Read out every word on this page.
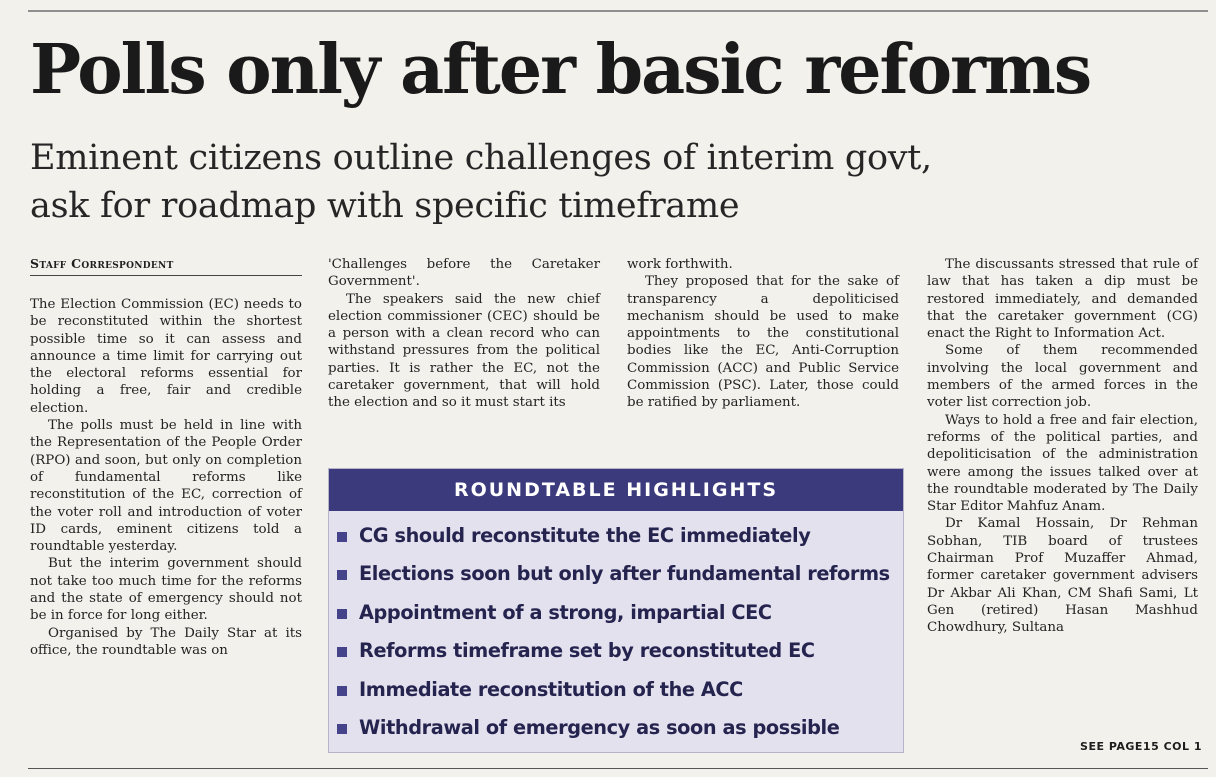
Polls only after basic reforms
Eminent citizens outline challenges of interim govt,
ask for roadmap with specific timeframe
Staff Correspondent

The Election Commission (EC) needs to be reconstituted within the shortest possible time so it can assess and announce a time limit for carrying out the electoral reforms essential for holding a free, fair and credible election.

The polls must be held in line with the Representation of the People Order (RPO) and soon, but only on completion of fundamental reforms like reconstitution of the EC, correction of the voter roll and introduction of voter ID cards, eminent citizens told a roundtable yesterday.

But the interim government should not take too much time for the reforms and the state of emergency should not be in force for long either.

Organised by The Daily Star at its office, the roundtable was on

'Challenges before the Caretaker Government'.

The speakers said the new chief election commissioner (CEC) should be a person with a clean record who can withstand pressures from the political parties. It is rather the EC, not the caretaker government, that will hold the election and so it must start its

work forthwith.

They proposed that for the sake of transparency a depoliticised mechanism should be used to make appointments to the constitutional bodies like the EC, Anti-Corruption Commission (ACC) and Public Service Commission (PSC). Later, those could be ratified by parliament.

The discussants stressed that rule of law that has taken a dip must be restored immediately, and demanded that the caretaker government (CG) enact the Right to Information Act.

Some of them recommended involving the local government and members of the armed forces in the voter list correction job.

Ways to hold a free and fair election, reforms of the political parties, and depoliticisation of the administration were among the issues talked over at the roundtable moderated by The Daily Star Editor Mahfuz Anam.

Dr Kamal Hossain, Dr Rehman Sobhan, TIB board of trustees Chairman Prof Muzaffer Ahmad, former caretaker government advisers Dr Akbar Ali Khan, CM Shafi Sami, Lt Gen (retired) Hasan Mashhud Chowdhury, Sultana

ROUNDTABLE HIGHLIGHTS
CG should reconstitute the EC immediately
Elections soon but only after fundamental reforms
Appointment of a strong, impartial CEC
Reforms timeframe set by reconstituted EC
Immediate reconstitution of the ACC
Withdrawal of emergency as soon as possible
SEE PAGE15 COL 1
